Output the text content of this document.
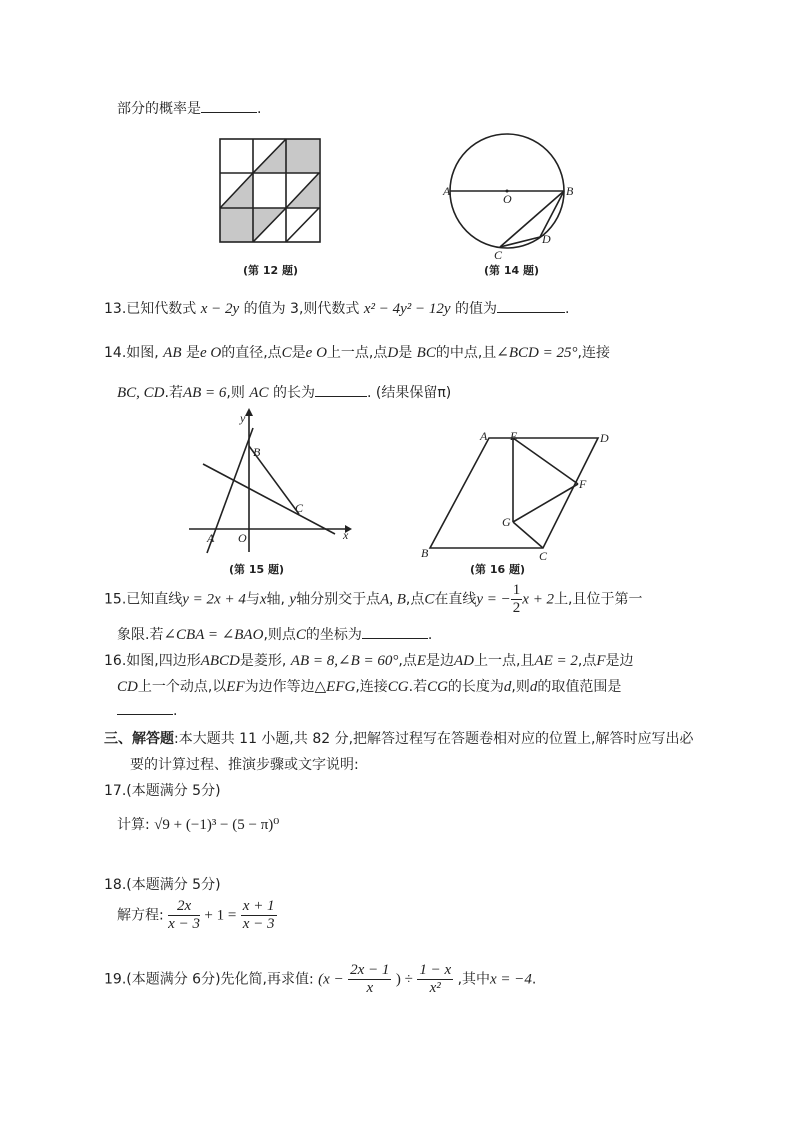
部分的概率是	.
(第 12 题)
A	B
O
C
D
(第 14 题)
13.已知代数式 x − 2y 的值为 3,则代数式 x² − 4y² − 12y 的值为	.
14.如图, AB 是e O的直径,点C是e O上一点,点D是 BC的中点,且∠BCD = 25°,连接
BC, CD.若AB = 6,则 AC 的长为	. (结果保留π)
y
x
B
C
A O
(第 15 题)
A E	D
F
G
B	C
(第 16 题)
15.已知直线y = 2x + 4与x轴, y轴分别交于点A, B,点C在直线y = − $\frac{1}{2}$ x + 2上,且位于第一
象限.若∠CBA = ∠BAO,则点C的坐标为	.
16.如图,四边形ABCD是菱形, AB = 8,∠B = 60°,点E是边AD上一点,且AE = 2,点F是边
CD上一个动点,以EF为边作等边△EFG,连接CG.若CG的长度为d,则d的取值范围是
.
三、解答题:本大题共 11 小题,共 82 分,把解答过程写在答题卷相对应的位置上,解答时应写出必
要的计算过程、推演步骤或文字说明:
17.(本题满分 5分)
计算: √9 + (−1)³ − (5 − π)⁰
18.(本题满分 5分)
解方程: $\frac{2x}{x - 3} + 1 = \frac{x + 1}{x - 3}$
19.(本题满分 6分)先化简,再求值: ($x - \frac{2x - 1}{x}$ ) ÷ $\frac{1 - x}{\text{x²}}$ ,其中x = −4.
